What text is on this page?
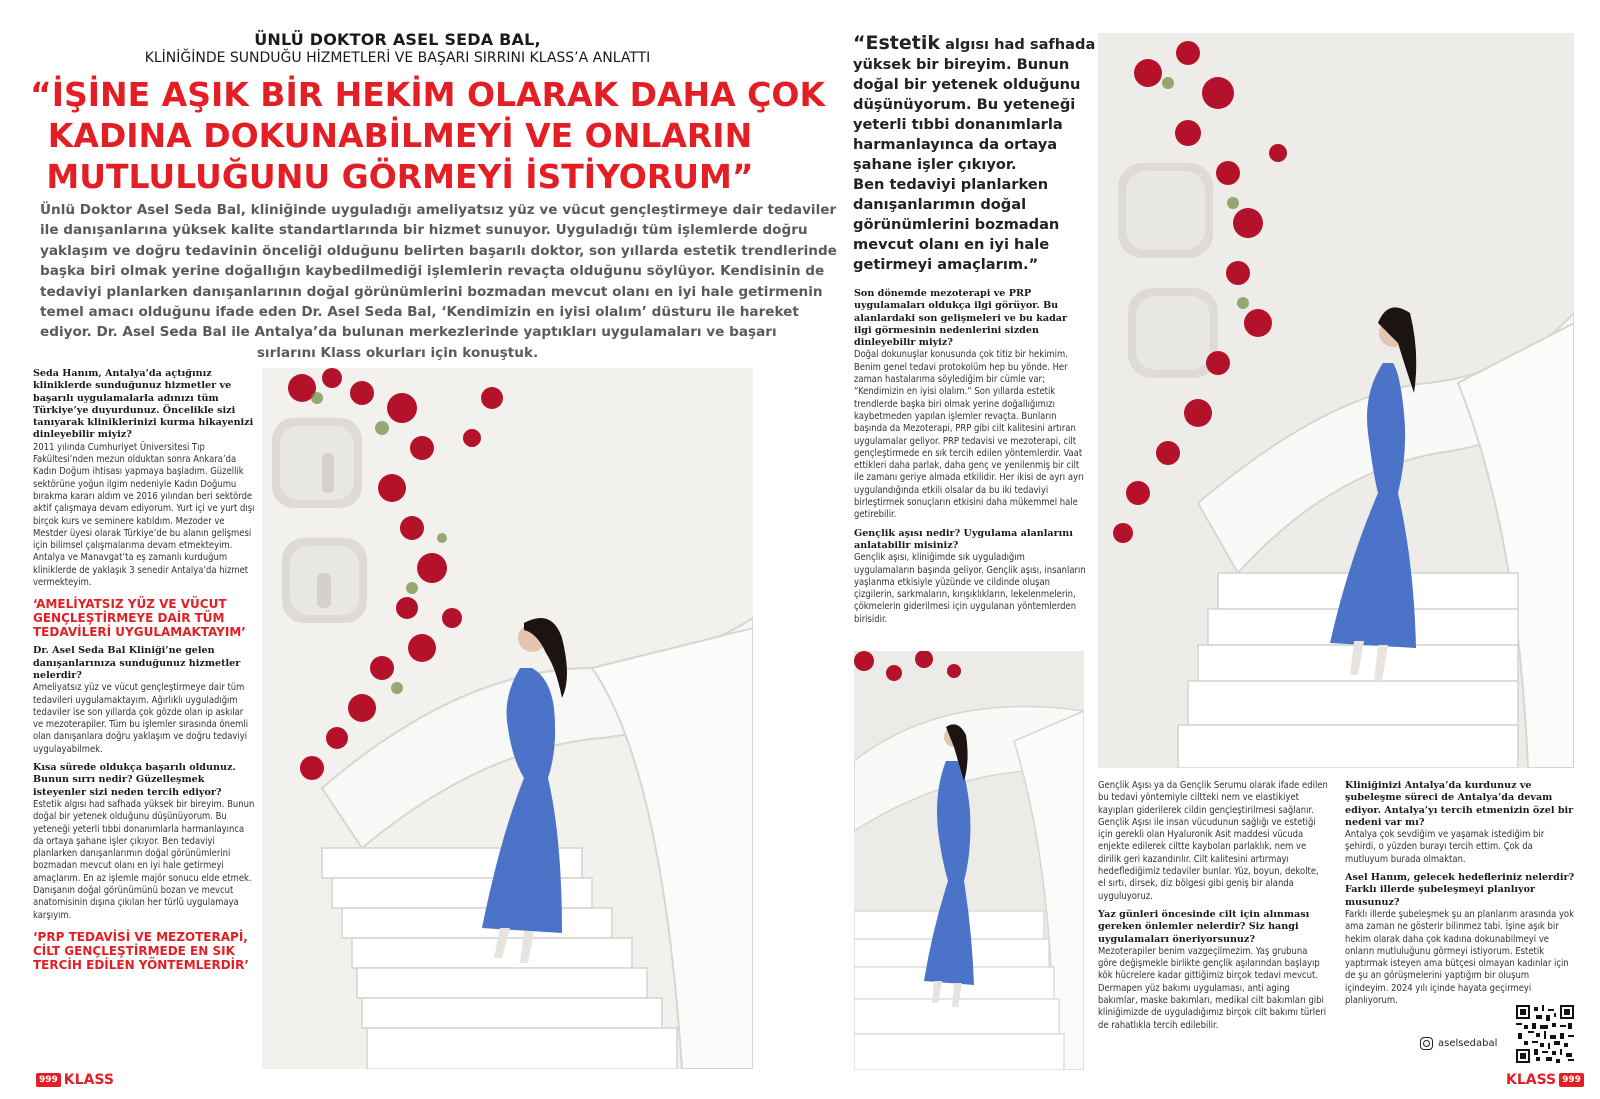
ÜNLÜ DOKTOR ASEL SEDA BAL,
KLİNİĞİNDE SUNDUĞU HİZMETLERİ VE BAŞARI SIRRINI KLASS’A ANLATTI
“İŞİNE AŞIK BİR HEKİM OLARAK DAHA ÇOK
KADINA DOKUNABİLMEYİ VE ONLARIN
MUTLULUĞUNU GÖRMEYİ İSTİYORUM”

Ünlü Doktor Asel Seda Bal, kliniğinde uyguladığı ameliyatsız yüz ve vücut gençleştirmeye dair tedaviler
ile danışanlarına yüksek kalite standartlarında bir hizmet sunuyor. Uyguladığı tüm işlemlerde doğru
yaklaşım ve doğru tedavinin önceliği olduğunu belirten başarılı doktor, son yıllarda estetik trendlerinde
başka biri olmak yerine doğallığın kaybedilmediği işlemlerin revaçta olduğunu söylüyor. Kendisinin de
tedaviyi planlarken danışanlarının doğal görünümlerini bozmadan mevcut olanı en iyi hale getirmenin
temel amacı olduğunu ifade eden Dr. Asel Seda Bal, ‘Kendimizin en iyisi olalım’ düsturu ile hareket
ediyor. Dr. Asel Seda Bal ile Antalya’da bulunan merkezlerinde yaptıkları uygulamaları ve başarı
sırlarını Klass okurları için konuştuk.

Seda Hanım, Antalya’da açtığınız kliniklerde sunduğunuz hizmetler ve başarılı uygulamalarla adınızı tüm Türkiye’ye duyurdunuz. Öncelikle sizi tanıyarak kliniklerinizi kurma hikayenizi dinleyebilir miyiz?

2011 yılında Cumhuriyet Üniversitesi Tıp Fakültesi’nden mezun olduktan sonra Ankara’da Kadın Doğum ihtisası yapmaya başladım. Güzellik sektörüne yoğun ilgim nedeniyle Kadın Doğumu bırakma kararı aldım ve 2016 yılından beri sektörde aktif çalışmaya devam ediyorum. Yurt içi ve yurt dışı birçok kurs ve seminere katıldım. Mezoder ve Mestder üyesi olarak Türkiye’de bu alanın gelişmesi için bilimsel çalışmalarıma devam etmekteyim. Antalya ve Manavgat’ta eş zamanlı kurduğum kliniklerde de yaklaşık 3 senedir Antalya’da hizmet vermekteyim.

‘AMELİYATSIZ YÜZ VE VÜCUT GENÇLEŞTİRMEYE DAİR TÜM TEDAVİLERİ UYGULAMAKTAYIM’

Dr. Asel Seda Bal Kliniği’ne gelen danışanlarınıza sunduğunuz hizmetler nelerdir?

Ameliyatsız yüz ve vücut gençleştirmeye dair tüm tedavileri uygulamaktayım. Ağırlıklı uyguladığım tedaviler ise son yıllarda çok gözde olan ip askılar ve mezoterapiler. Tüm bu işlemler sırasında önemli olan danışanlara doğru yaklaşım ve doğru tedaviyi uygulayabilmek.

Kısa sürede oldukça başarılı oldunuz. Bunun sırrı nedir? Güzelleşmek isteyenler sizi neden tercih ediyor?

Estetik algısı had safhada yüksek bir bireyim. Bunun doğal bir yetenek olduğunu düşünüyorum. Bu yeteneği yeterli tıbbi donanımlarla harmanlayınca da ortaya şahane işler çıkıyor. Ben tedaviyi planlarken danışanlarımın doğal görünümlerini bozmadan mevcut olanı en iyi hale getirmeyi amaçlarım. En az işlemle majör sonucu elde etmek. Danışanın doğal görünümünü bozan ve mevcut anatomisinin dışına çıkılan her türlü uygulamaya karşıyım.

‘PRP TEDAVİSİ VE MEZOTERAPİ, CİLT GENÇLEŞTİRMEDE EN SIK TERCİH EDİLEN YÖNTEMLERDİR’

999 KLASS
“Estetik algısı had safhada
yüksek bir bireyim. Bunun
doğal bir yetenek olduğunu
düşünüyorum. Bu yeteneği
yeterli tıbbi donanımlarla
harmanlayınca da ortaya
şahane işler çıkıyor.
Ben tedaviyi planlarken
danışanlarımın doğal
görünümlerini bozmadan
mevcut olanı en iyi hale
getirmeyi amaçlarım.”

Son dönemde mezoterapi ve PRP uygulamaları oldukça ilgi görüyor. Bu alanlardaki son gelişmeleri ve bu kadar ilgi görmesinin nedenlerini sizden dinleyebilir miyiz?

Doğal dokunuşlar konusunda çok titiz bir hekimim. Benim genel tedavi protokolüm hep bu yönde. Her zaman hastalarıma söylediğim bir cümle var; “Kendimizin en iyisi olalım.” Son yıllarda estetik trendlerde başka biri olmak yerine doğallığımızı kaybetmeden yapılan işlemler revaçta. Bunların başında da Mezoterapi, PRP gibi cilt kalitesini artıran uygulamalar geliyor. PRP tedavisi ve mezoterapi, cilt gençleştirmede en sık tercih edilen yöntemlerdir. Vaat ettikleri daha parlak, daha genç ve yenilenmiş bir cilt ile zamanı geriye almada etkilidir. Her ikisi de ayrı ayrı uygulandığında etkili olsalar da bu iki tedaviyi birleştirmek sonuçların etkisini daha mükemmel hale getirebilir.

Gençlik aşısı nedir? Uygulama alanlarını anlatabilir misiniz?

Gençlik aşısı, kliniğimde sık uyguladığım uygulamaların başında geliyor. Gençlik aşısı, insanların yaşlanma etkisiyle yüzünde ve cildinde oluşan çizgilerin, sarkmaların, kırışıklıkların, lekelenmelerin, çökmelerin giderilmesi için uygulanan yöntemlerden birisidir.

Gençlik Aşısı ya da Gençlik Serumu olarak ifade edilen bu tedavi yöntemiyle ciltteki nem ve elastikiyet kayıpları giderilerek cildin gençleştirilmesi sağlanır. Gençlik Aşısı ile insan vücudunun sağlığı ve estetiği için gerekli olan Hyaluronik Asit maddesi vücuda enjekte edilerek ciltte kaybolan parlaklık, nem ve dirilik geri kazandırılır. Cilt kalitesini artırmayı hedeflediğimiz tedaviler bunlar. Yüz, boyun, dekolte, el sırtı, dirsek, diz bölgesi gibi geniş bir alanda uyguluyoruz.

Yaz günleri öncesinde cilt için alınması gereken önlemler nelerdir? Siz hangi uygulamaları öneriyorsunuz?

Mezoterapiler benim vazgeçilmezim. Yaş grubuna göre değişmekle birlikte gençlik aşılarından başlayıp kök hücrelere kadar gittiğimiz birçok tedavi mevcut. Dermapen yüz bakımı uygulaması, anti aging bakımlar, maske bakımları, medikal cilt bakımları gibi kliniğimizde de uyguladığımız birçok cilt bakımı türleri de rahatlıkla tercih edilebilir.

Kliniğinizi Antalya’da kurdunuz ve şubeleşme süreci de Antalya’da devam ediyor. Antalya’yı tercih etmenizin özel bir nedeni var mı?

Antalya çok sevdiğim ve yaşamak istediğim bir şehirdi, o yüzden burayı tercih ettim. Çok da mutluyum burada olmaktan.

Asel Hanım, gelecek hedefleriniz nelerdir? Farklı illerde şubeleşmeyi planlıyor musunuz?

Farklı illerde şubeleşmek şu an planlarım arasında yok ama zaman ne gösterir bilinmez tabi. İşine aşık bir hekim olarak daha çok kadına dokunabilmeyi ve onların mutluluğunu görmeyi istiyorum. Estetik yaptırmak isteyen ama bütçesi olmayan kadınlar için de şu an görüşmelerini yaptığım bir oluşum içindeyim. 2024 yılı içinde hayata geçirmeyi planlıyorum.

aselsedabal
KLASS 999
